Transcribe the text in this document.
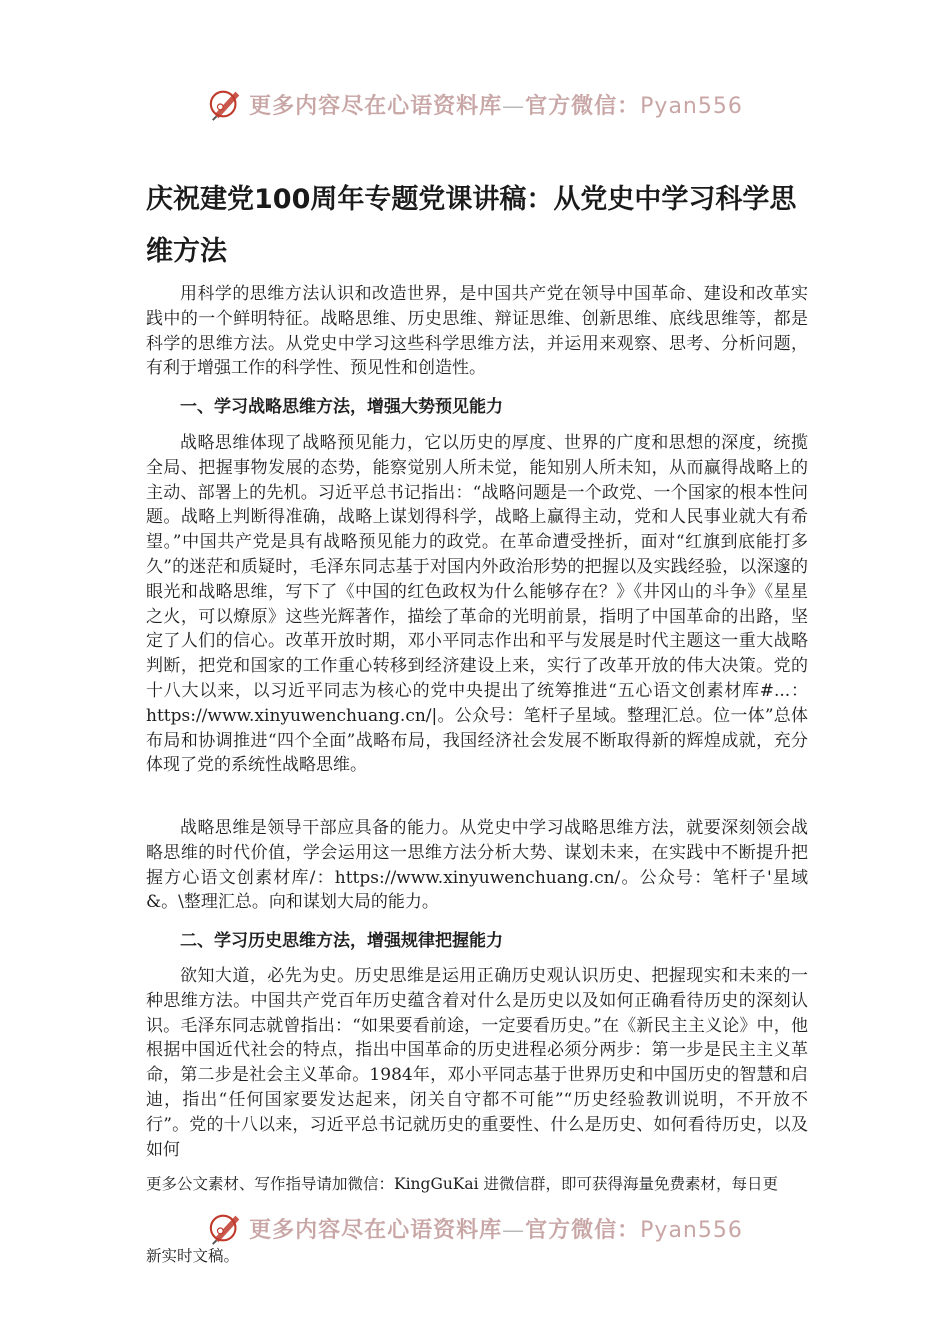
更多内容尽在心语资料库—官方微信：Pyan556
庆祝建党100周年专题党课讲稿：从党史中学习科学思维方法

用科学的思维方法认识和改造世界，是中国共产党在领导中国革命、建设和改革实践中的一个鲜明特征。战略思维、历史思维、辩证思维、创新思维、底线思维等，都是科学的思维方法。从党史中学习这些科学思维方法，并运用来观察、思考、分析问题，有利于增强工作的科学性、预见性和创造性。

一、学习战略思维方法，增强大势预见能力

战略思维体现了战略预见能力，它以历史的厚度、世界的广度和思想的深度，统揽全局、把握事物发展的态势，能察觉别人所未觉，能知别人所未知，从而赢得战略上的主动、部署上的先机。习近平总书记指出：“战略问题是一个政党、一个国家的根本性问题。战略上判断得准确，战略上谋划得科学，战略上赢得主动，党和人民事业就大有希望。”中国共产党是具有战略预见能力的政党。在革命遭受挫折，面对“红旗到底能打多久”的迷茫和质疑时，毛泽东同志基于对国内外政治形势的把握以及实践经验，以深邃的眼光和战略思维，写下了《中国的红色政权为什么能够存在？》《井冈山的斗争》《星星之火，可以燎原》这些光辉著作，描绘了革命的光明前景，指明了中国革命的出路，坚定了人们的信心。改革开放时期，邓小平同志作出和平与发展是时代主题这一重大战略判断，把党和国家的工作重心转移到经济建设上来，实行了改革开放的伟大决策。党的十八大以来，以习近平同志为核心的党中央提出了统筹推进“五心语文创素材库#...：https://www.xinyuwenchuang.cn/|。公众号：笔杆子星域。整理汇总。位一体”总体布局和协调推进“四个全面”战略布局，我国经济社会发展不断取得新的辉煌成就，充分体现了党的系统性战略思维。

战略思维是领导干部应具备的能力。从党史中学习战略思维方法，就要深刻领会战略思维的时代价值，学会运用这一思维方法分析大势、谋划未来，在实践中不断提升把握方心语文创素材库/：https://www.xinyuwenchuang.cn/。公众号：笔杆子'星域&。\整理汇总。向和谋划大局的能力。

二、学习历史思维方法，增强规律把握能力

欲知大道，必先为史。历史思维是运用正确历史观认识历史、把握现实和未来的一种思维方法。中国共产党百年历史蕴含着对什么是历史以及如何正确看待历史的深刻认识。毛泽东同志就曾指出：“如果要看前途，一定要看历史。”在《新民主主义论》中，他根据中国近代社会的特点，指出中国革命的历史进程必须分两步：第一步是民主主义革命，第二步是社会主义革命。1984年，邓小平同志基于世界历史和中国历史的智慧和启迪，指出“任何国家要发达起来，闭关自守都不可能”“历史经验教训说明，不开放不行”。党的十八以来，习近平总书记就历史的重要性、什么是历史、如何看待历史，以及如何

更多公文素材、写作指导请加微信：KingGuKai 进微信群，即可获得海量免费素材，每日更

更多内容尽在心语资料库—官方微信：Pyan556

新实时文稿。
